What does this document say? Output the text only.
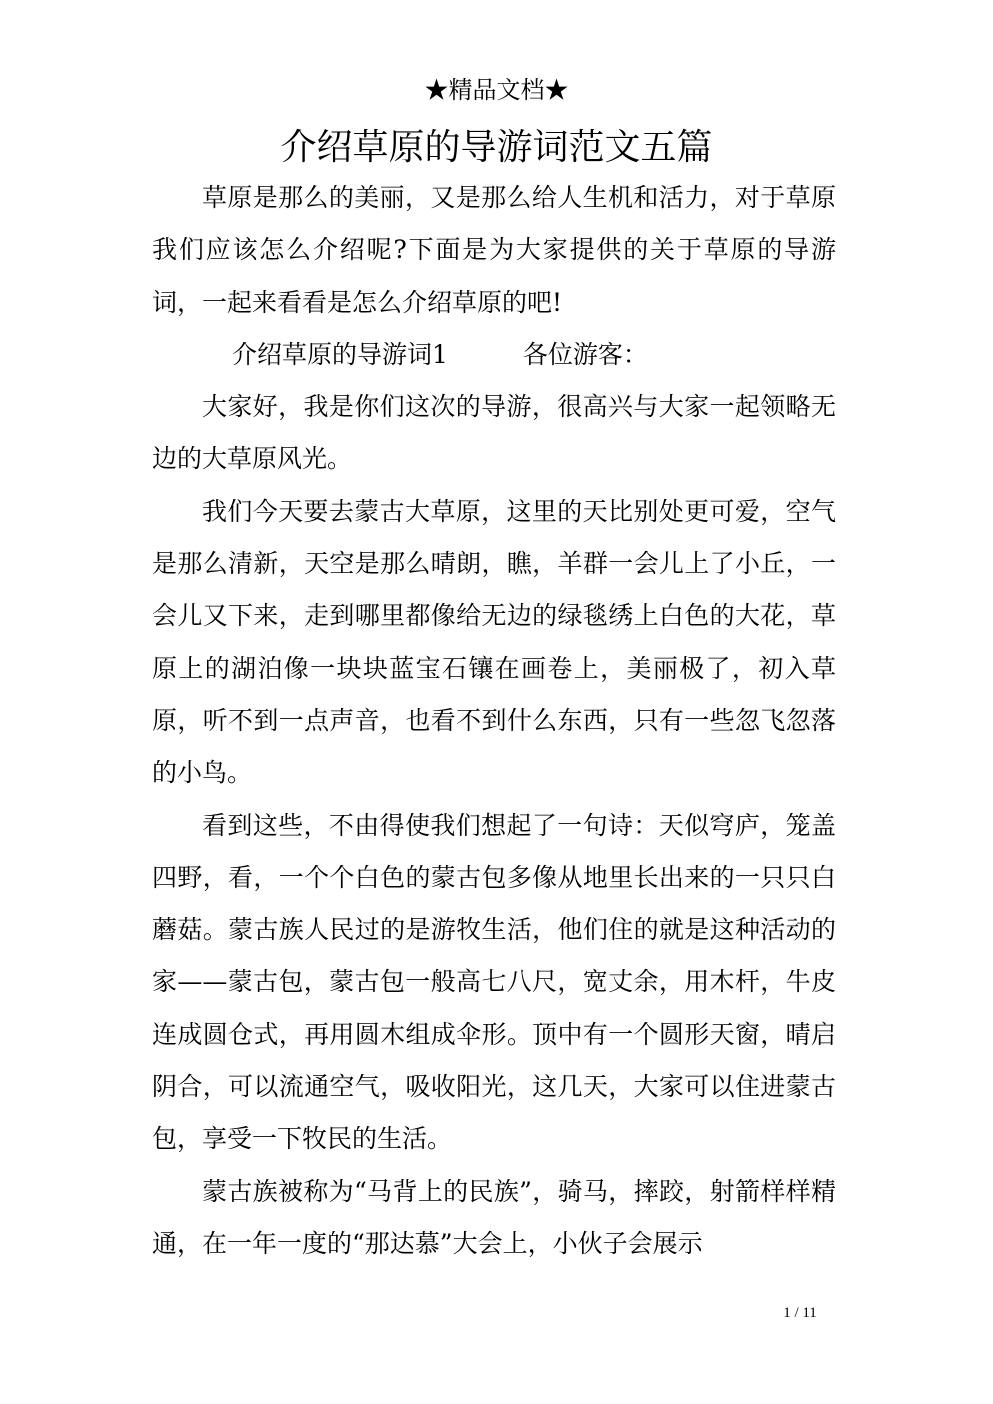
★精品文档★
介绍草原的导游词范文五篇

草原是那么的美丽，又是那么给人生机和活力，对于草原我们应该怎么介绍呢?下面是为大家提供的关于草原的导游词，一起来看看是怎么介绍草原的吧!

介绍草原的导游词1　　　各位游客：

大家好，我是你们这次的导游，很高兴与大家一起领略无边的大草原风光。

我们今天要去蒙古大草原，这里的天比别处更可爱，空气是那么清新，天空是那么晴朗，瞧，羊群一会儿上了小丘，一会儿又下来，走到哪里都像给无边的绿毯绣上白色的大花，草原上的湖泊像一块块蓝宝石镶在画卷上，美丽极了，初入草原，听不到一点声音，也看不到什么东西，只有一些忽飞忽落的小鸟。

看到这些，不由得使我们想起了一句诗：天似穹庐，笼盖四野，看，一个个白色的蒙古包多像从地里长出来的一只只白蘑菇。蒙古族人民过的是游牧生活，他们住的就是这种活动的家——蒙古包，蒙古包一般高七八尺，宽丈余，用木杆，牛皮连成圆仓式，再用圆木组成伞形。顶中有一个圆形天窗，晴启阴合，可以流通空气，吸收阳光，这几天，大家可以住进蒙古包，享受一下牧民的生活。

蒙古族被称为“马背上的民族”，骑马，摔跤，射箭样样精通，在一年一度的“那达慕”大会上，小伙子会展示

1 / 11
